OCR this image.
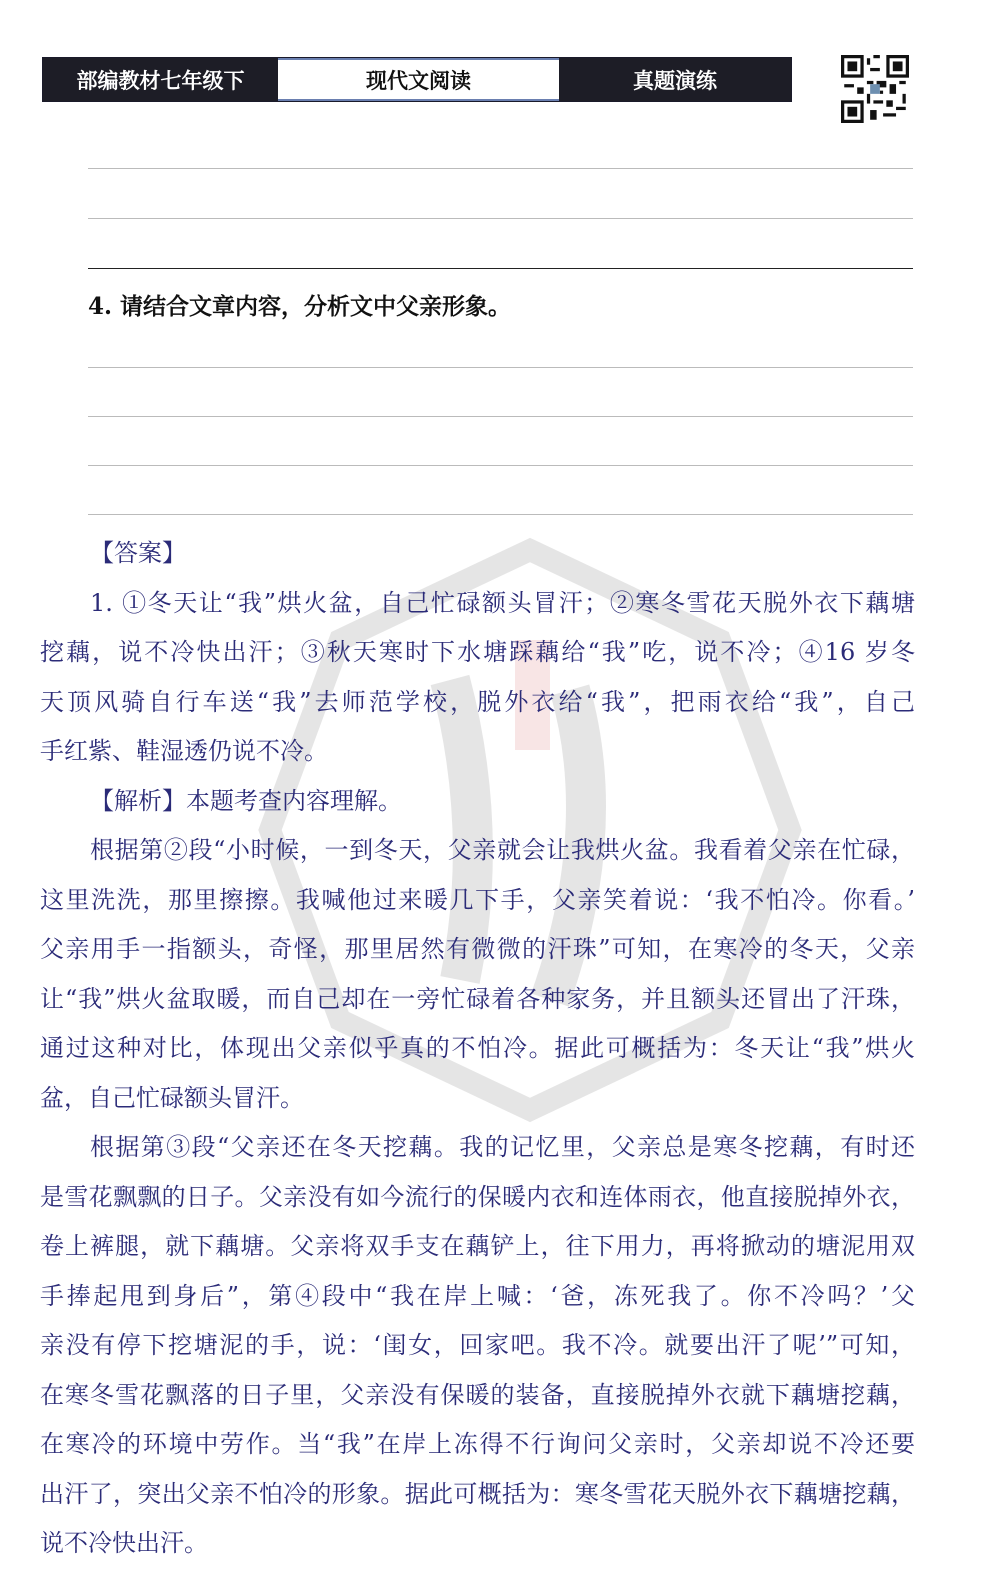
部编教材七年级下	现代文阅读	真题演练
4. 请结合文章内容，分析文中父亲形象。
【答案】
1. ①冬天让“我”烘火盆，自己忙碌额头冒汗；②寒冬雪花天脱外衣下藕塘
挖藕，说不冷快出汗；③秋天寒时下水塘踩藕给“我”吃，说不冷；④16 岁冬
天顶风骑自行车送“我”去师范学校，脱外衣给“我”，把雨衣给“我”，自己
手红紫、鞋湿透仍说不冷。
【解析】本题考查内容理解。
根据第②段“小时候，一到冬天，父亲就会让我烘火盆。我看着父亲在忙碌，
这里洗洗，那里擦擦。我喊他过来暖几下手，父亲笑着说：‘我不怕冷。你看。’
父亲用手一指额头，奇怪，那里居然有微微的汗珠”可知，在寒冷的冬天，父亲
让“我”烘火盆取暖，而自己却在一旁忙碌着各种家务，并且额头还冒出了汗珠，
通过这种对比，体现出父亲似乎真的不怕冷。据此可概括为：冬天让“我”烘火
盆，自己忙碌额头冒汗。
根据第③段“父亲还在冬天挖藕。我的记忆里，父亲总是寒冬挖藕，有时还
是雪花飘飘的日子。父亲没有如今流行的保暖内衣和连体雨衣，他直接脱掉外衣，
卷上裤腿，就下藕塘。父亲将双手支在藕铲上，往下用力，再将掀动的塘泥用双
手捧起甩到身后”，第④段中“我在岸上喊：‘爸，冻死我了。你不冷吗？’父
亲没有停下挖塘泥的手，说：‘闺女，回家吧。我不冷。就要出汗了呢’”可知，
在寒冬雪花飘落的日子里，父亲没有保暖的装备，直接脱掉外衣就下藕塘挖藕，
在寒冷的环境中劳作。当“我”在岸上冻得不行询问父亲时，父亲却说不冷还要
出汗了，突出父亲不怕冷的形象。据此可概括为：寒冬雪花天脱外衣下藕塘挖藕，
说不冷快出汗。
